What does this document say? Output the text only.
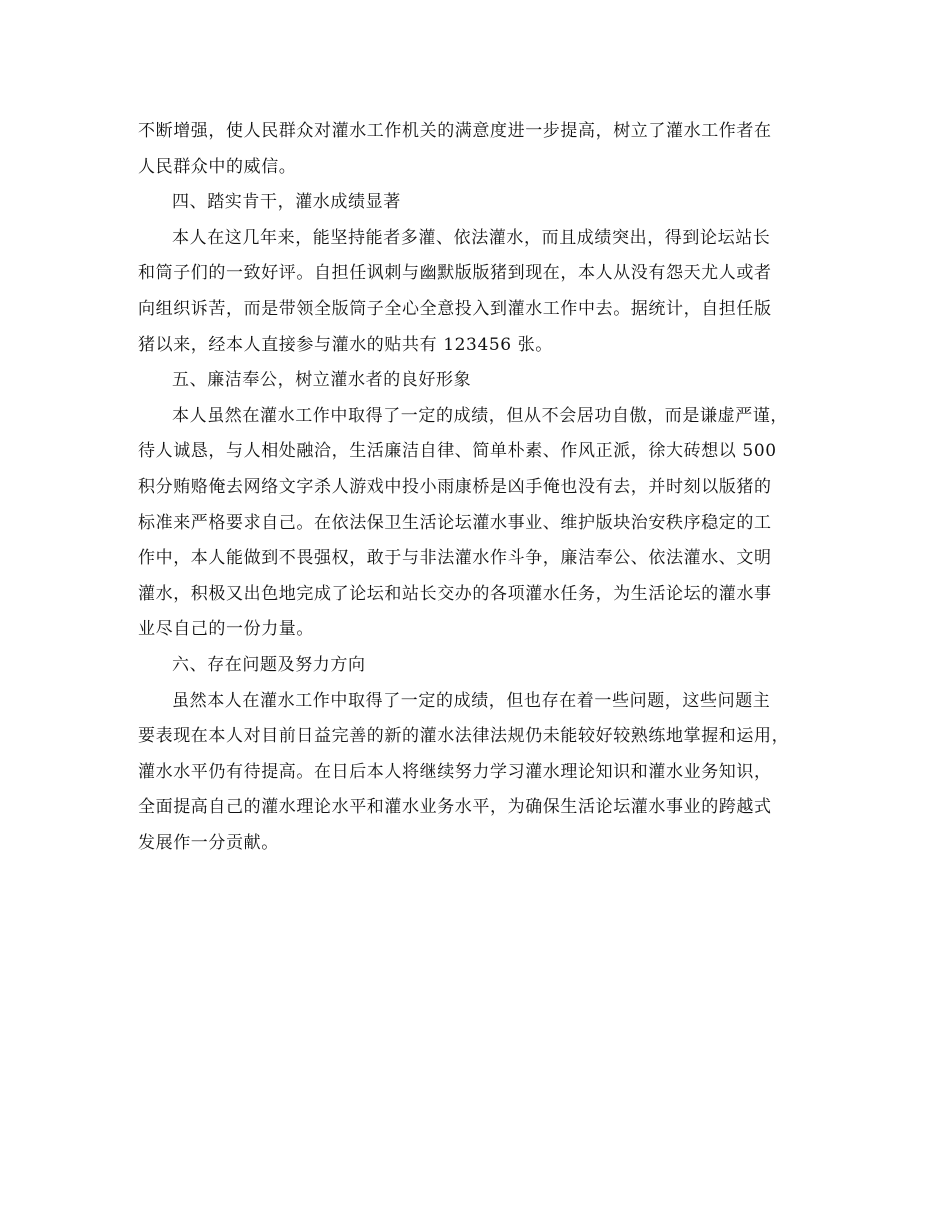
不断增强，使人民群众对灌水工作机关的满意度进一步提高，树立了灌水工作者在
人民群众中的威信。
四、踏实肯干，灌水成绩显著
本人在这几年来，能坚持能者多灌、依法灌水，而且成绩突出，得到论坛站长
和筒子们的一致好评。自担任讽刺与幽默版版猪到现在，本人从没有怨天尤人或者
向组织诉苦，而是带领全版筒子全心全意投入到灌水工作中去。据统计，自担任版
猪以来，经本人直接参与灌水的贴共有 123456 张。
五、廉洁奉公，树立灌水者的良好形象
本人虽然在灌水工作中取得了一定的成绩，但从不会居功自傲，而是谦虚严谨，
待人诚恳，与人相处融洽，生活廉洁自律、简单朴素、作风正派，徐大砖想以 500
积分贿赂俺去网络文字杀人游戏中投小雨康桥是凶手俺也没有去，并时刻以版猪的
标准来严格要求自己。在依法保卫生活论坛灌水事业、维护版块治安秩序稳定的工
作中，本人能做到不畏强权，敢于与非法灌水作斗争，廉洁奉公、依法灌水、文明
灌水，积极又出色地完成了论坛和站长交办的各项灌水任务，为生活论坛的灌水事
业尽自己的一份力量。
六、存在问题及努力方向
虽然本人在灌水工作中取得了一定的成绩，但也存在着一些问题，这些问题主
要表现在本人对目前日益完善的新的灌水法律法规仍未能较好较熟练地掌握和运用，
灌水水平仍有待提高。在日后本人将继续努力学习灌水理论知识和灌水业务知识，
全面提高自己的灌水理论水平和灌水业务水平，为确保生活论坛灌水事业的跨越式
发展作一分贡献。
